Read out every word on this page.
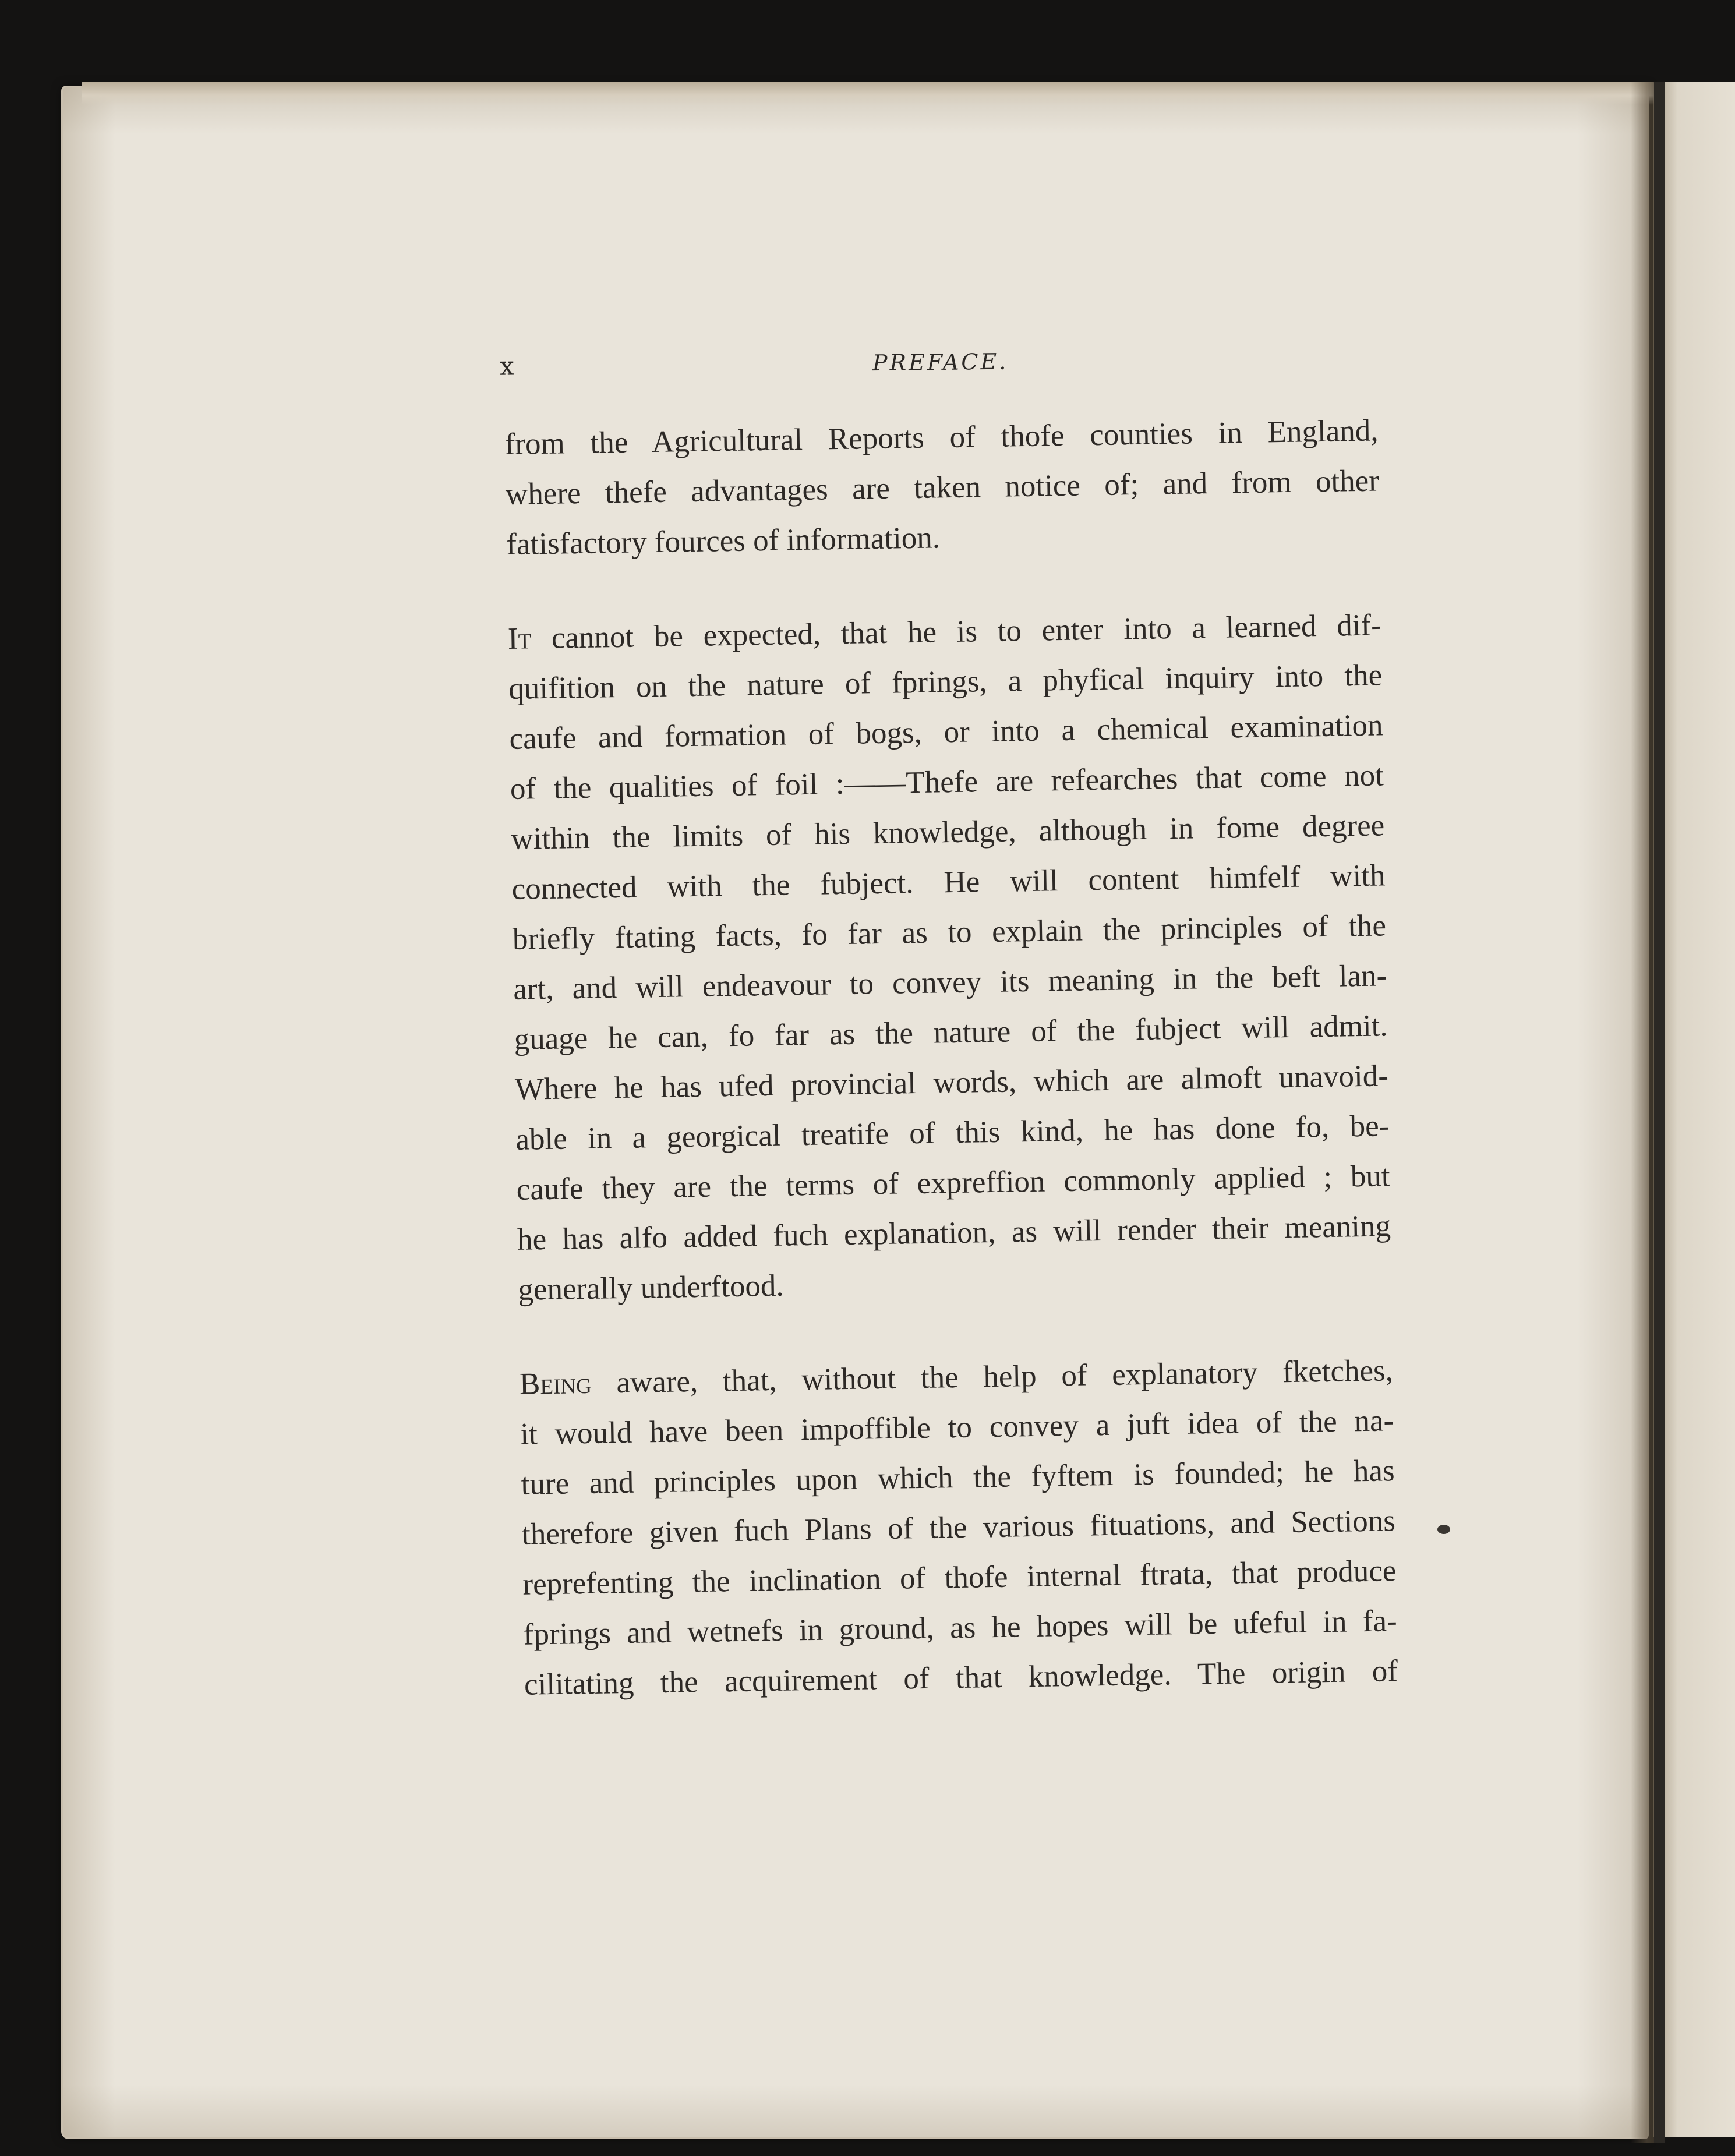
x	PREFACE.
from the Agricultural Reports of thofe counties in England,
where thefe advantages are taken notice of; and from other
fatisfactory fources of information.
It cannot be expected, that he is to enter into a learned dif-
quifition on the nature of fprings, a phyfical inquiry into the
caufe and formation of bogs, or into a chemical examination
of the qualities of foil :——Thefe are refearches that come not
within the limits of his knowledge, although in fome degree
connected with the fubject. He will content himfelf with
briefly ftating facts, fo far as to explain the principles of the
art, and will endeavour to convey its meaning in the beft lan-
guage he can, fo far as the nature of the fubject will admit.
Where he has ufed provincial words, which are almoft unavoid-
able in a georgical treatife of this kind, he has done fo, be-
caufe they are the terms of expreffion commonly applied ; but
he has alfo added fuch explanation, as will render their meaning
generally underftood.
Being aware, that, without the help of explanatory fketches,
it would have been impoffible to convey a juft idea of the na-
ture and principles upon which the fyftem is founded; he has
therefore given fuch Plans of the various fituations, and Sections
reprefenting the inclination of thofe internal ftrata, that produce
fprings and wetnefs in ground, as he hopes will be ufeful in fa-
cilitating the acquirement of that knowledge. The origin of
